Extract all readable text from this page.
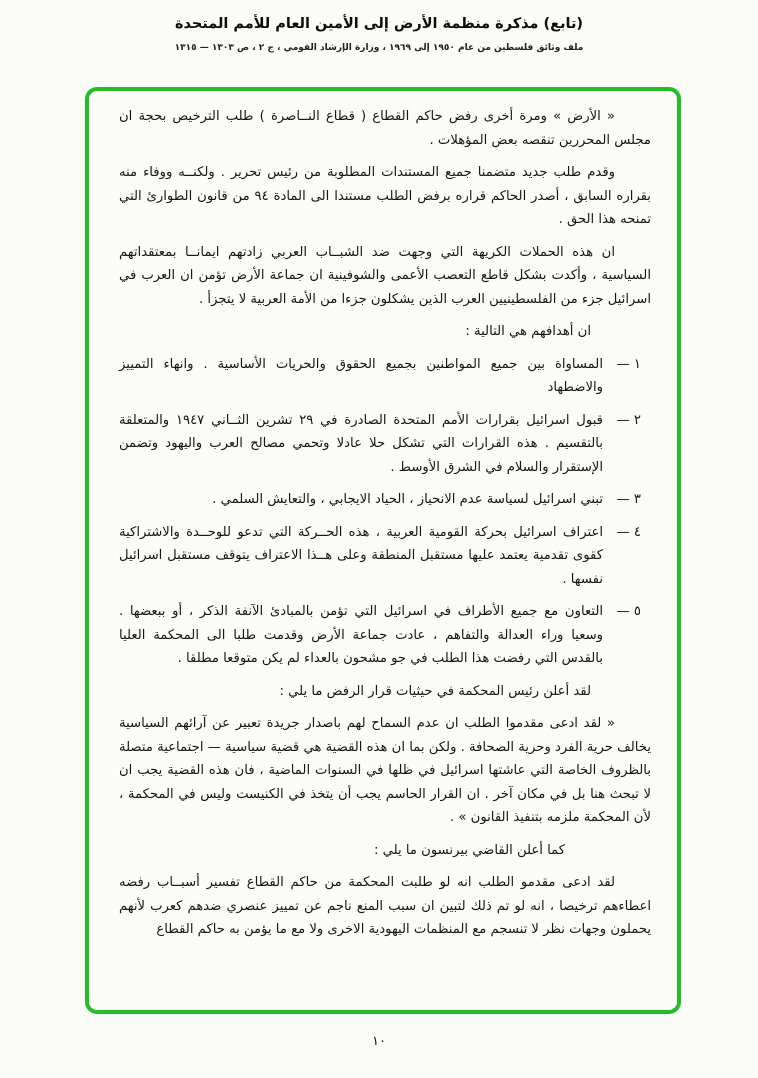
(تابع) مذكرة منظمة الأرض إلى الأمين العام للأمم المتحدة
ملف وثائق فلسطين من عام ١٩٥٠ إلى ١٩٦٩ ، وزارة الإرشاد القومي ، ج ٢ ، ص ١٣٠٣ — ١٣١٥
« الأرض » ومرة أخرى رفض حاكم القطاع ( قطاع النــاصرة ) طلب الترخيص بحجة ان مجلس المحررين تنقصه بعض المؤهلات .
وقدم طلب جديد متضمنا جميع المستندات المطلوبة من رئيس تحرير . ولكنــه ووفاء منه بقراره السابق ، أصدر الحاكم قراره برفض الطلب مستندا الى المادة ٩٤ من قانون الطوارئ التي تمنحه هذا الحق .
ان هذه الحملات الكريهة التي وجهت ضد الشبــاب العربي زادتهم ايمانــا بمعتقداتهم السياسية ، وأكدت بشكل قاطع التعصب الأعمى والشوفينية ان جماعة الأرض تؤمن ان العرب في اسرائيل جزء من الفلسطينيين العرب الذين يشكلون جزءا من الأمة العربية لا يتجزأ .
ان أهدافهم هي التالية :
١ —
المساواة بين جميع المواطنين بجميع الحقوق والحريات الأساسية . وانهاء التمييز والاضطهاد
٢ —
قبول اسرائيل بقرارات الأمم المتحدة الصادرة في ٢٩ تشرين الثــاني ١٩٤٧ والمتعلقة بالتقسيم . هذه القرارات التي تشكل حلا عادلا وتحمي مصالح العرب واليهود وتضمن الإستقرار والسلام في الشرق الأوسط .
٣ —
تبني اسرائيل لسياسة عدم الانحياز ، الحياد الايجابي ، والتعايش السلمي .
٤ —
اعتراف اسرائيل بحركة القومية العربية ، هذه الحــركة التي تدعو للوحــدة والاشتراكية كقوى تقدمية يعتمد عليها مستقبل المنطقة وعلى هــذا الاعتراف يتوقف مستقبل اسرائيل نفسها .
٥ —
التعاون مع جميع الأطراف في اسرائيل التي تؤمن بالمبادئ الآنفة الذكر ، أو ببعضها . وسعيا وراء العدالة والتفاهم ، عادت جماعة الأرض وقدمت طلبا الى المحكمة العليا بالقدس التي رفضت هذا الطلب في جو مشحون بالعداء لم يكن متوقعا مطلقا .
لقد أعلن رئيس المحكمة في حيثيات قرار الرفض ما يلي :
« لقد ادعى مقدموا الطلب ان عدم السماح لهم باصدار جريدة تعبير عن آرائهم السياسية يخالف حرية الفرد وحرية الصحافة . ولكن بما ان هذه القضية هي قضية سياسية — اجتماعية متصلة بالظروف الخاصة التي عاشتها اسرائيل في ظلها في السنوات الماضية ، فان هذه القضية يجب ان لا تبحث هنا بل في مكان آخر . ان القرار الحاسم يجب أن يتخذ في الكنيست وليس في المحكمة ، لأن المحكمة ملزمه بتنفيذ القانون » .
كما أعلن القاضي بيرنسون ما يلي :
لقد ادعى مقدمو الطلب انه لو طلبت المحكمة من حاكم القطاع تفسير أسبــاب رفضه اعطاءهم ترخيصا ، انه لو تم ذلك لتبين ان سبب المنع ناجم عن تمييز عنصري ضدهم كعرب لأنهم يحملون وجهات نظر لا تنسجم مع المنظمات اليهودية الاخرى ولا مع ما يؤمن به حاكم القطاع
١٠
